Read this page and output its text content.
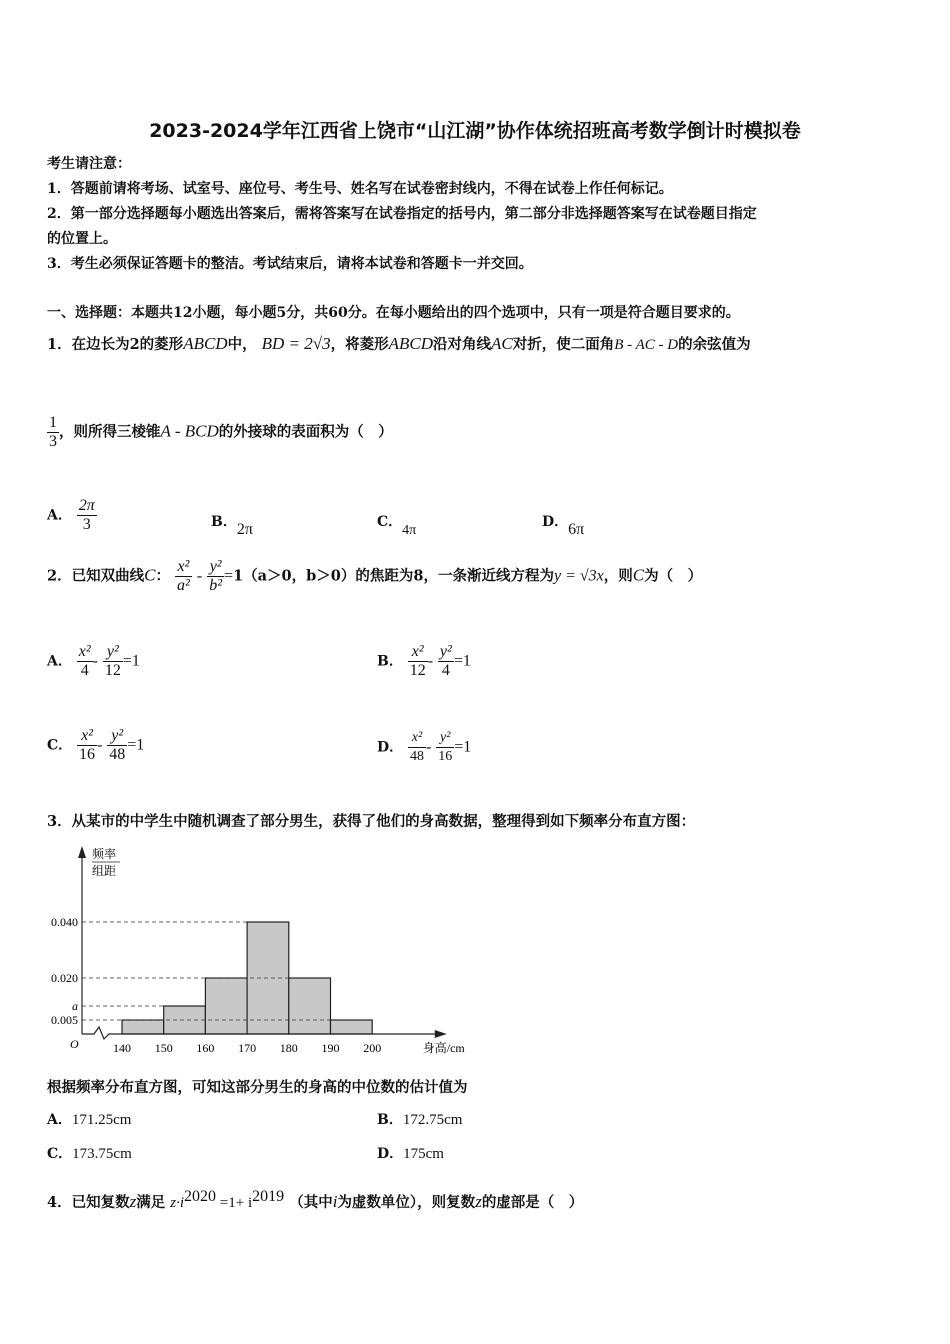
2023-2024学年江西省上饶市“山江湖”协作体统招班高考数学倒计时模拟卷
考生请注意：
1．答题前请将考场、试室号、座位号、考生号、姓名写在试卷密封线内，不得在试卷上作任何标记。
2．第一部分选择题每小题选出答案后，需将答案写在试卷指定的括号内，第二部分非选择题答案写在试卷题目指定
的位置上。
3．考生必须保证答题卡的整洁。考试结束后，请将本试卷和答题卡一并交回。
一、选择题：本题共12小题，每小题5分，共60分。在每小题给出的四个选项中，只有一项是符合题目要求的。
1．在边长为2的菱形ABCD中， BD = 2√3，将菱形ABCD沿对角线AC对折，使二面角B - AC - D的余弦值为
$\frac{1}{3}$ ，则所得三棱锥A - BCD的外接球的表面积为（　）
A． $\frac{2\pi}{3}$	B．2π	C．4π
D．6π
2．已知双曲线C： $\frac{\text{x²}}{\text{a²}} - \frac{\text{y²}}{\text{b²}} =1(a>0$，b＞0）的焦距为8，一条渐近线方程为y = √3x，则C为（　）
A． $\frac{\text{x²}}{4} - \frac{\text{y²}}{12} =1$	B． $\frac{\text{x²}}{12} - \frac{\text{y²}}{4} =1$
C． $\frac{\text{x²}}{16} - \frac{\text{y²}}{48} =1$	D． $\frac{\text{x²}}{48} - \frac{\text{y²}}{16} =1$
3．从某市的中学生中随机调查了部分男生，获得了他们的身高数据，整理得到如下频率分布直方图：
0.040
0.020
a
0.005
140 150 160 170 180 190 200
O	身高/cm
频率
组距
根据频率分布直方图，可知这部分男生的身高的中位数的估计值为
A．171.25cm	B．172.75cm
C．173.75cm	D．175cm
4．已知复数z满足 $z\cdot i^{2020} =1+ i^{2019}$ （其中i为虚数单位），则复数z的虚部是（　）
